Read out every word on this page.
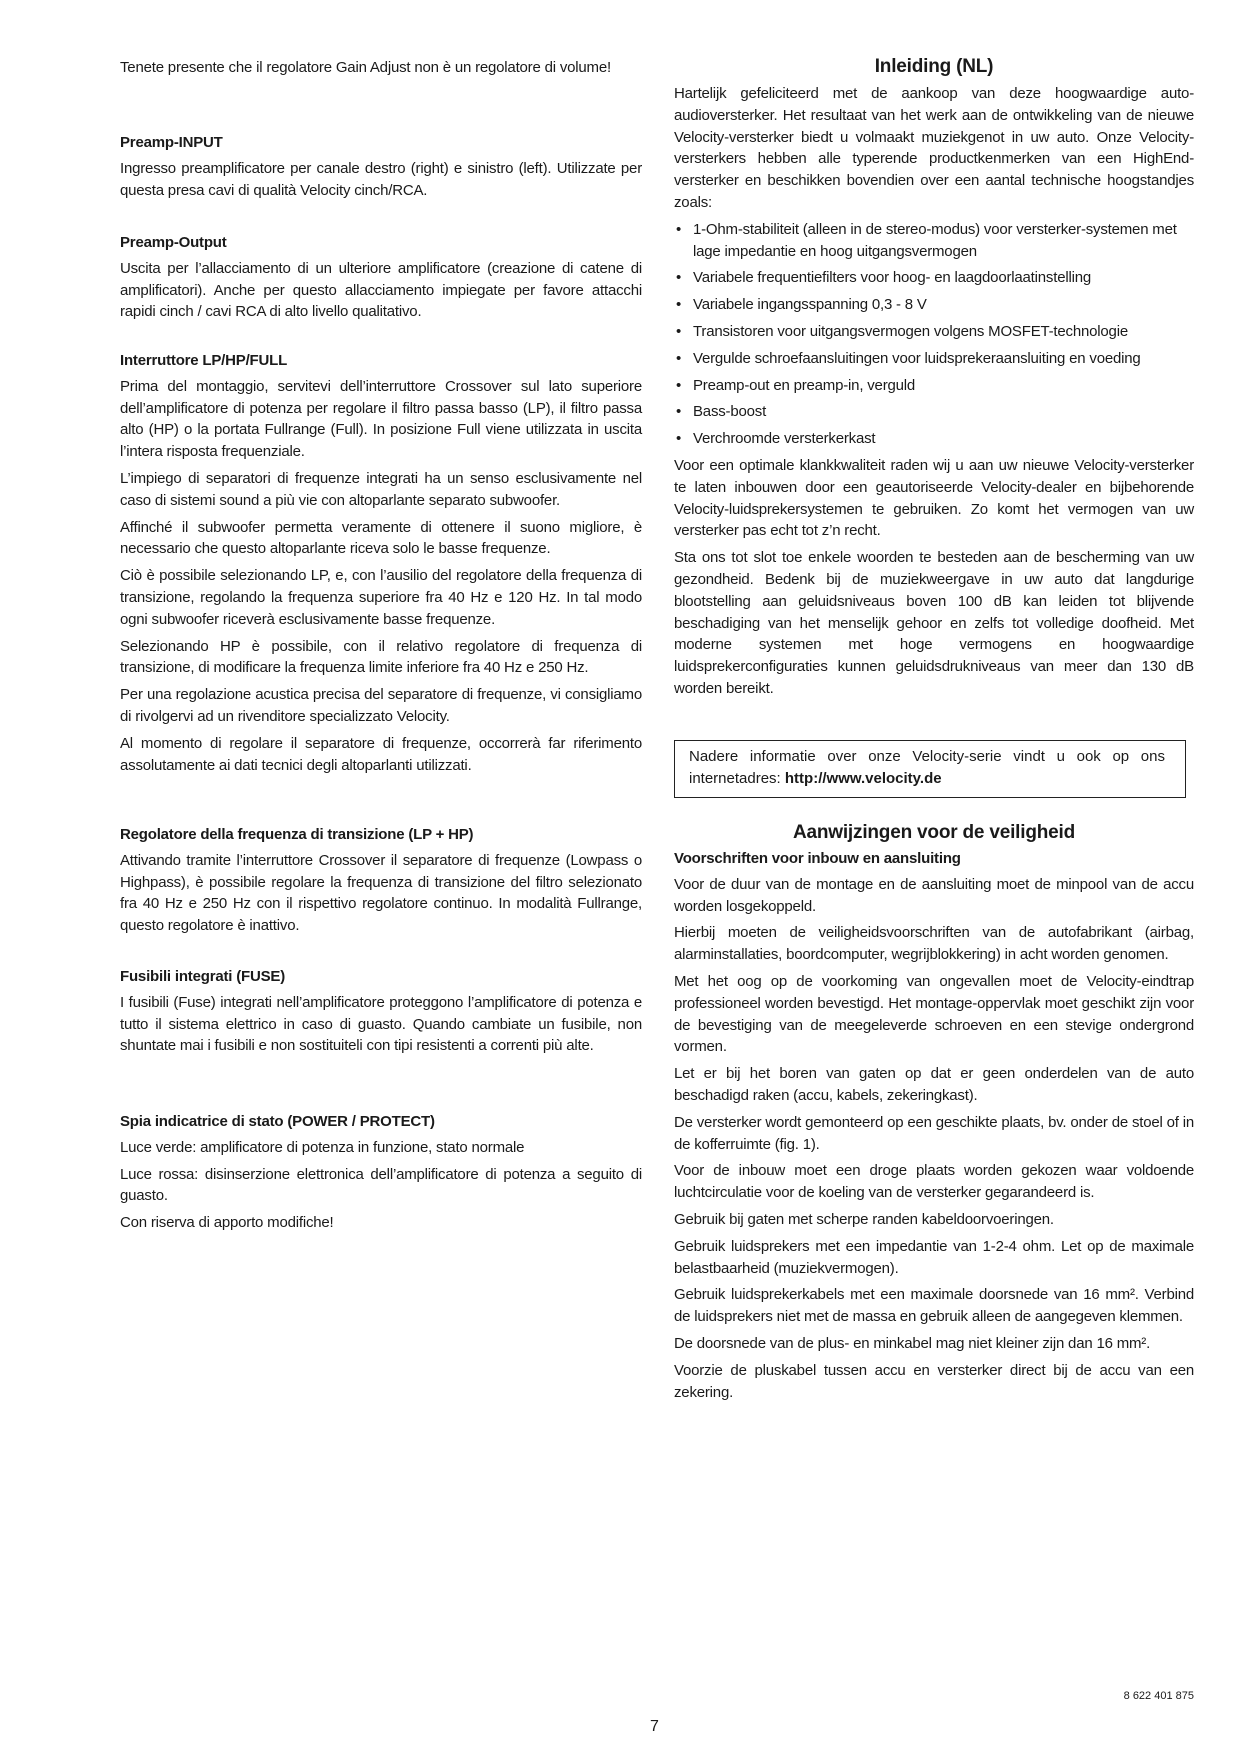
Tenete presente che il regolatore Gain Adjust non è un regolatore di volume!

Preamp-INPUT

Ingresso preamplificatore per canale destro (right) e sinistro (left). Utilizzate per questa presa cavi di qualità Velocity cinch/RCA.

Preamp-Output

Uscita per l’allacciamento di un ulteriore amplificatore (creazione di catene di amplificatori). Anche per questo allacciamento impiegate per favore attacchi rapidi cinch / cavi RCA di alto livello qualitativo.

Interruttore LP/HP/FULL

Prima del montaggio, servitevi dell’interruttore Crossover sul lato superiore dell’amplificatore di potenza per regolare il filtro passa basso (LP), il filtro passa alto (HP) o la portata Fullrange (Full). In posizione Full viene utilizzata in uscita l’intera risposta frequenziale.

L’impiego di separatori di frequenze integrati ha un senso esclusivamente nel caso di sistemi sound a più vie con altoparlante separato subwoofer.

Affinché il subwoofer permetta veramente di ottenere il suono migliore, è necessario che questo altoparlante riceva solo le basse frequenze.

Ciò è possibile selezionando LP, e, con l’ausilio del regolatore della frequenza di transizione, regolando la frequenza superiore fra 40 Hz e 120 Hz. In tal modo ogni subwoofer riceverà esclusivamente basse frequenze.

Selezionando HP è possibile, con il relativo regolatore di frequenza di transizione, di modificare la frequenza limite inferiore fra 40 Hz e 250 Hz.

Per una regolazione acustica precisa del separatore di frequenze, vi consigliamo di rivolgervi ad un rivenditore specializzato Velocity.

Al momento di regolare il separatore di frequenze, occorrerà far riferimento assolutamente ai dati tecnici degli altoparlanti utilizzati.

Regolatore della frequenza di transizione (LP + HP)

Attivando tramite l’interruttore Crossover il separatore di frequenze (Lowpass o Highpass), è possibile regolare la frequenza di transizione del filtro selezionato fra 40 Hz e 250 Hz con il rispettivo regolatore continuo. In modalità Fullrange, questo regolatore è inattivo.

Fusibili integrati (FUSE)

I fusibili (Fuse) integrati nell’amplificatore proteggono l’amplificatore di potenza e tutto il sistema elettrico in caso di guasto. Quando cambiate un fusibile, non shuntate mai i fusibili e non sostituiteli con tipi resistenti a correnti più alte.

Spia indicatrice di stato (POWER / PROTECT)

Luce verde: amplificatore di potenza in funzione, stato normale

Luce rossa: disinserzione elettronica dell’amplificatore di potenza a seguito di guasto.

Con riserva di apporto modifiche!

Inleiding (NL)

Hartelijk gefeliciteerd met de aankoop van deze hoogwaardige auto-audioversterker. Het resultaat van het werk aan de ontwikkeling van de nieuwe Velocity-versterker biedt u volmaakt muziekgenot in uw auto. Onze Velocity-versterkers hebben alle typerende productkenmerken van een HighEnd-versterker en beschikken bovendien over een aantal technische hoogstandjes zoals:

• 1-Ohm-stabiliteit (alleen in de stereo-modus) voor versterker-systemen met lage impedantie en hoog uitgangsvermogen
• Variabele frequentiefilters voor hoog- en laagdoorlaatinstelling
• Variabele ingangsspanning 0,3 - 8 V
• Transistoren voor uitgangsvermogen volgens MOSFET-technologie
• Vergulde schroefaansluitingen voor luidsprekeraansluiting en voeding
• Preamp-out en preamp-in, verguld
• Bass-boost
• Verchroomde versterkerkast

Voor een optimale klankkwaliteit raden wij u aan uw nieuwe Velocity-versterker te laten inbouwen door een geautoriseerde Velocity-dealer en bijbehorende Velocity-luidsprekersystemen te gebruiken. Zo komt het vermogen van uw versterker pas echt tot z’n recht.

Sta ons tot slot toe enkele woorden te besteden aan de bescherming van uw gezondheid. Bedenk bij de muziekweergave in uw auto dat langdurige blootstelling aan geluidsniveaus boven 100 dB kan leiden tot blijvende beschadiging van het menselijk gehoor en zelfs tot volledige doofheid. Met moderne systemen met hoge vermogens en hoogwaardige luidsprekerconfiguraties kunnen geluidsdrukniveaus van meer dan 130 dB worden bereikt.

Nadere informatie over onze Velocity-serie vindt u ook op ons internetadres: http://www.velocity.de
Aanwijzingen voor de veiligheid
Voorschriften voor inbouw en aansluiting

Voor de duur van de montage en de aansluiting moet de minpool van de accu worden losgekoppeld.

Hierbij moeten de veiligheidsvoorschriften van de autofabrikant (airbag, alarminstallaties, boordcomputer, wegrijblokkering) in acht worden genomen.

Met het oog op de voorkoming van ongevallen moet de Velocity-eindtrap professioneel worden bevestigd. Het montage-oppervlak moet geschikt zijn voor de bevestiging van de meegeleverde schroeven en een stevige ondergrond vormen.

Let er bij het boren van gaten op dat er geen onderdelen van de auto beschadigd raken (accu, kabels, zekeringkast).

De versterker wordt gemonteerd op een geschikte plaats, bv. onder de stoel of in de kofferruimte (fig. 1).

Voor de inbouw moet een droge plaats worden gekozen waar voldoende luchtcirculatie voor de koeling van de versterker gegarandeerd is.

Gebruik bij gaten met scherpe randen kabeldoorvoeringen.

Gebruik luidsprekers met een impedantie van 1-2-4 ohm. Let op de maximale belastbaarheid (muziekvermogen).

Gebruik luidsprekerkabels met een maximale doorsnede van 16 mm². Verbind de luidsprekers niet met de massa en gebruik alleen de aangegeven klemmen.

De doorsnede van de plus- en minkabel mag niet kleiner zijn dan 16 mm².

Voorzie de pluskabel tussen accu en versterker direct bij de accu van een zekering.

8 622 401 875
7
